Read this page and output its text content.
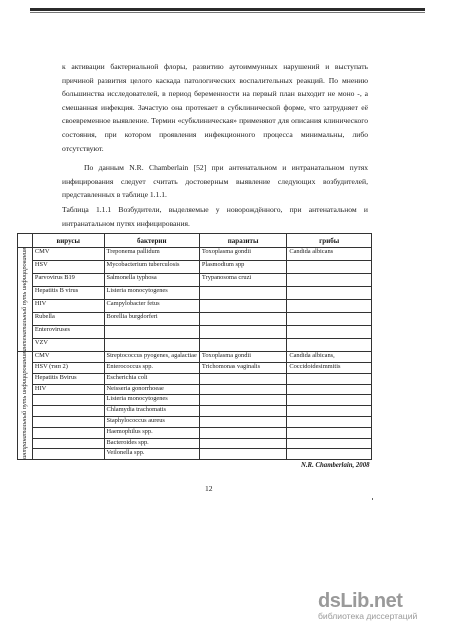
к активации бактериальной флоры, развитию аутоиммунных нарушений и выступать причиной развития целого каскада патологических воспалительных реакций. По мнению большинства исследователей, в период беременности на первый план выходит не моно -, а смешанная инфекция. Зачастую она протекает в субклинической форме, что затрудняет её своевременное выявление. Термин «субклиническая» применяют для описания клинического состояния, при котором проявления инфекционного процесса минимальны, либо отсутствуют.

По данным N.R. Chamberlain [52] при антенатальном и интранатальном путях инфицирования следует считать достоверным выявление следующих возбудителей, представленных в таблице 1.1.1.

Таблица 1.1.1 Возбудители, выделяемые у новорождённого, при антенатальном и интранатальном путях инфицирования.

	вирусы	бактерии	паразиты	грибы

антенатальный путь инфицирования	CMV	Treponema pallidum	Toxoplasma gondii	Candida albicans
	HSV	Mycobacterium tuberculosis	Plasmodium spp	
	Parvovirus B19	Salmonella typhosa	Trypanosoma cruzi	
	Hepatitis B virus	Listeria monocytogenes		
	HIV	Campylobacter fetus		
	Rubella	Borellia burgdorferi		
	Enteroviruses			
	VZV			

интранатальный путь инфицирования	CMV	Streptococcus pyogenes, agalactiae	Toxoplasma gondii	Candida albicans,
	HSV (тип 2)	Enterococcus spp.	Trichomonas vaginalis	Coccidoidesimmitis
	Hepatitis Bvirus	Escherichia coli		
	HIV	Neisseria gonorrhoeae		
		Listeria monocytogenes		
		Chlamydia trachomatis		
		Staphylococcus aureus		
		Haemophilus spp.		
		Bacteroides spp.		
		Veilonella spp.		
N.R. Chamberlain, 2008				
12
dsLib.net
библиотека диссертаций
